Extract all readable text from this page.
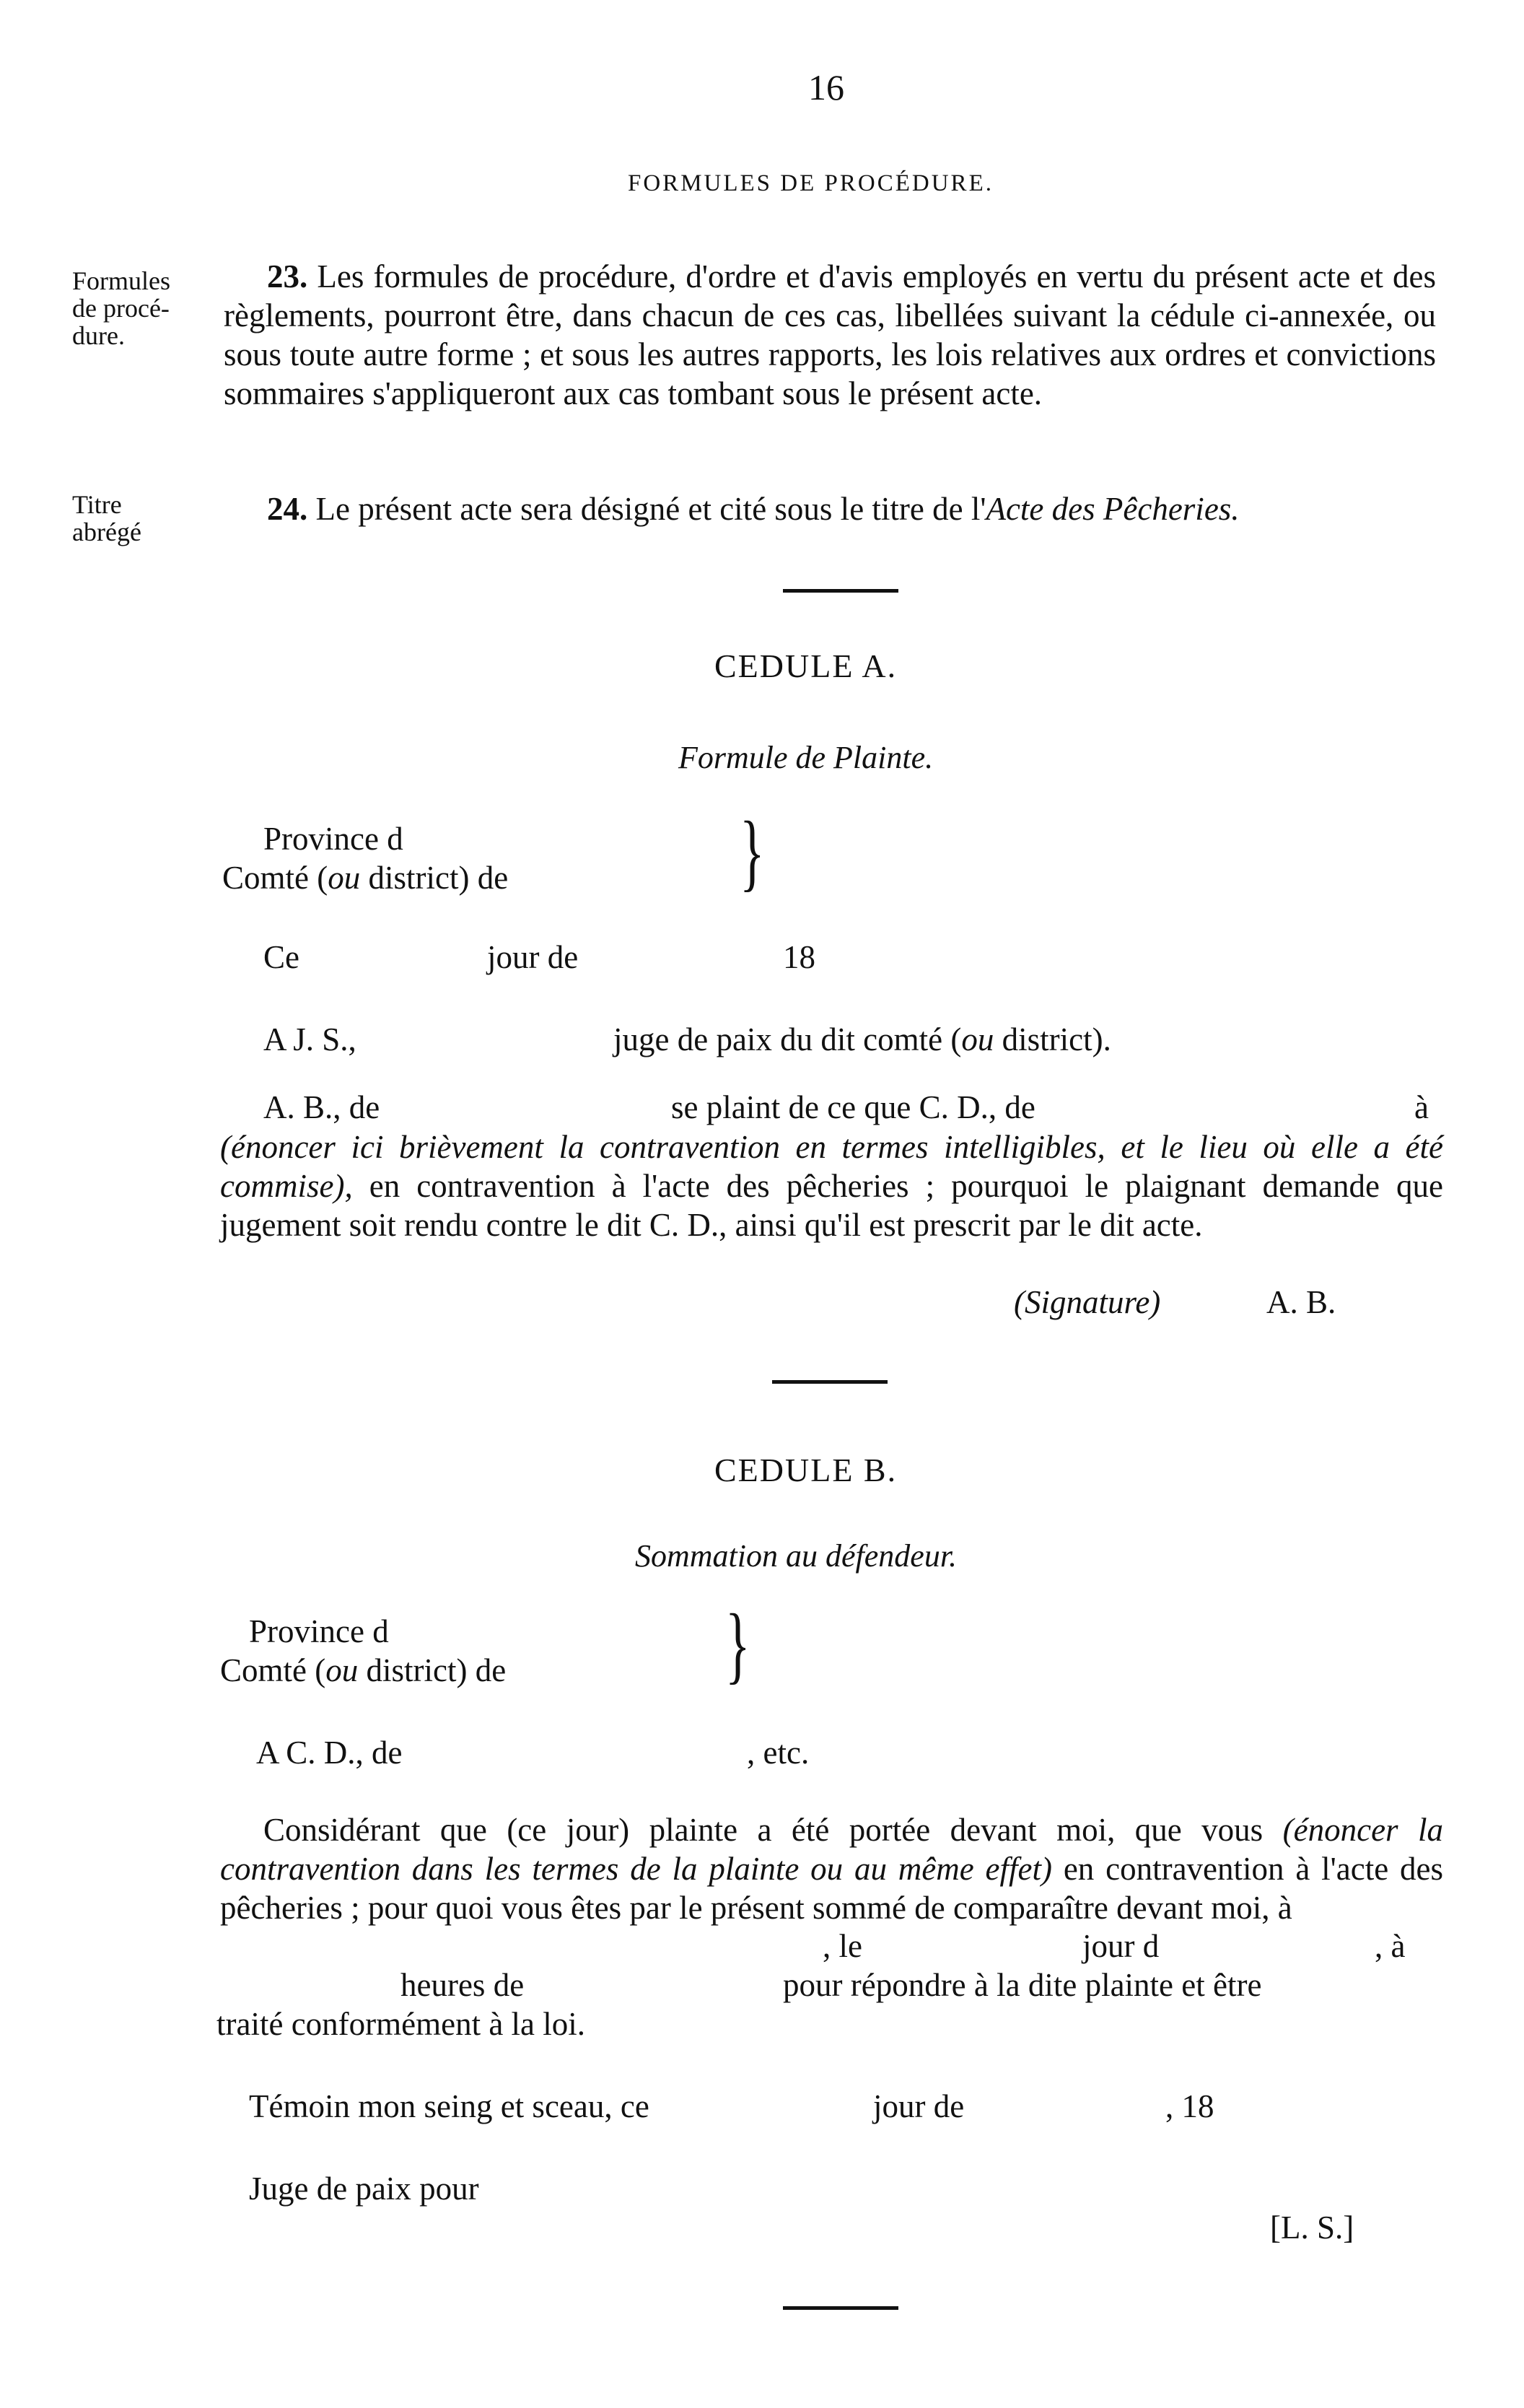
16
FORMULES DE PROCÉDURE.
Formules
de procé-
dure.
Titre
abrégé
23. Les formules de procédure, d'ordre et d'avis employés en vertu du présent acte et des règlements, pourront être, dans chacun de ces cas, libellées suivant la cédule ci-annexée, ou sous toute autre forme ; et sous les autres rapports, les lois relatives aux ordres et convictions sommaires s'appliqueront aux cas tombant sous le présent acte.
24. Le présent acte sera désigné et cité sous le titre de l'Acte des Pêcheries.
CEDULE A.
Formule de Plainte.
Province d
Comté (ou district) de	}
Ce	jour de	18
A J. S.,	juge de paix du dit comté (ou district).
A. B., de	se plaint de ce que C. D., de	à
(énoncer ici brièvement la contravention en termes intelligibles, et le lieu où elle a été commise), en contravention à l'acte des pêcheries ; pourquoi le plaignant demande que jugement soit rendu contre le dit C. D., ainsi qu'il est prescrit par le dit acte.
(Signature)	A. B.
CEDULE B.
Sommation au défendeur.
Province d
Comté (ou district) de	}
A C. D., de	, etc.
Considérant que (ce jour) plainte a été portée devant moi, que vous (énoncer la contravention dans les termes de la plainte ou au même effet) en contravention à l'acte des pêcheries ; pour quoi vous êtes par le présent sommé de comparaître devant moi, à
, le	jour d	, à
heures de	pour répondre à la dite plainte et être
traité conformément à la loi.
Témoin mon seing et sceau, ce	jour de	, 18
Juge de paix pour
[L. S.]
